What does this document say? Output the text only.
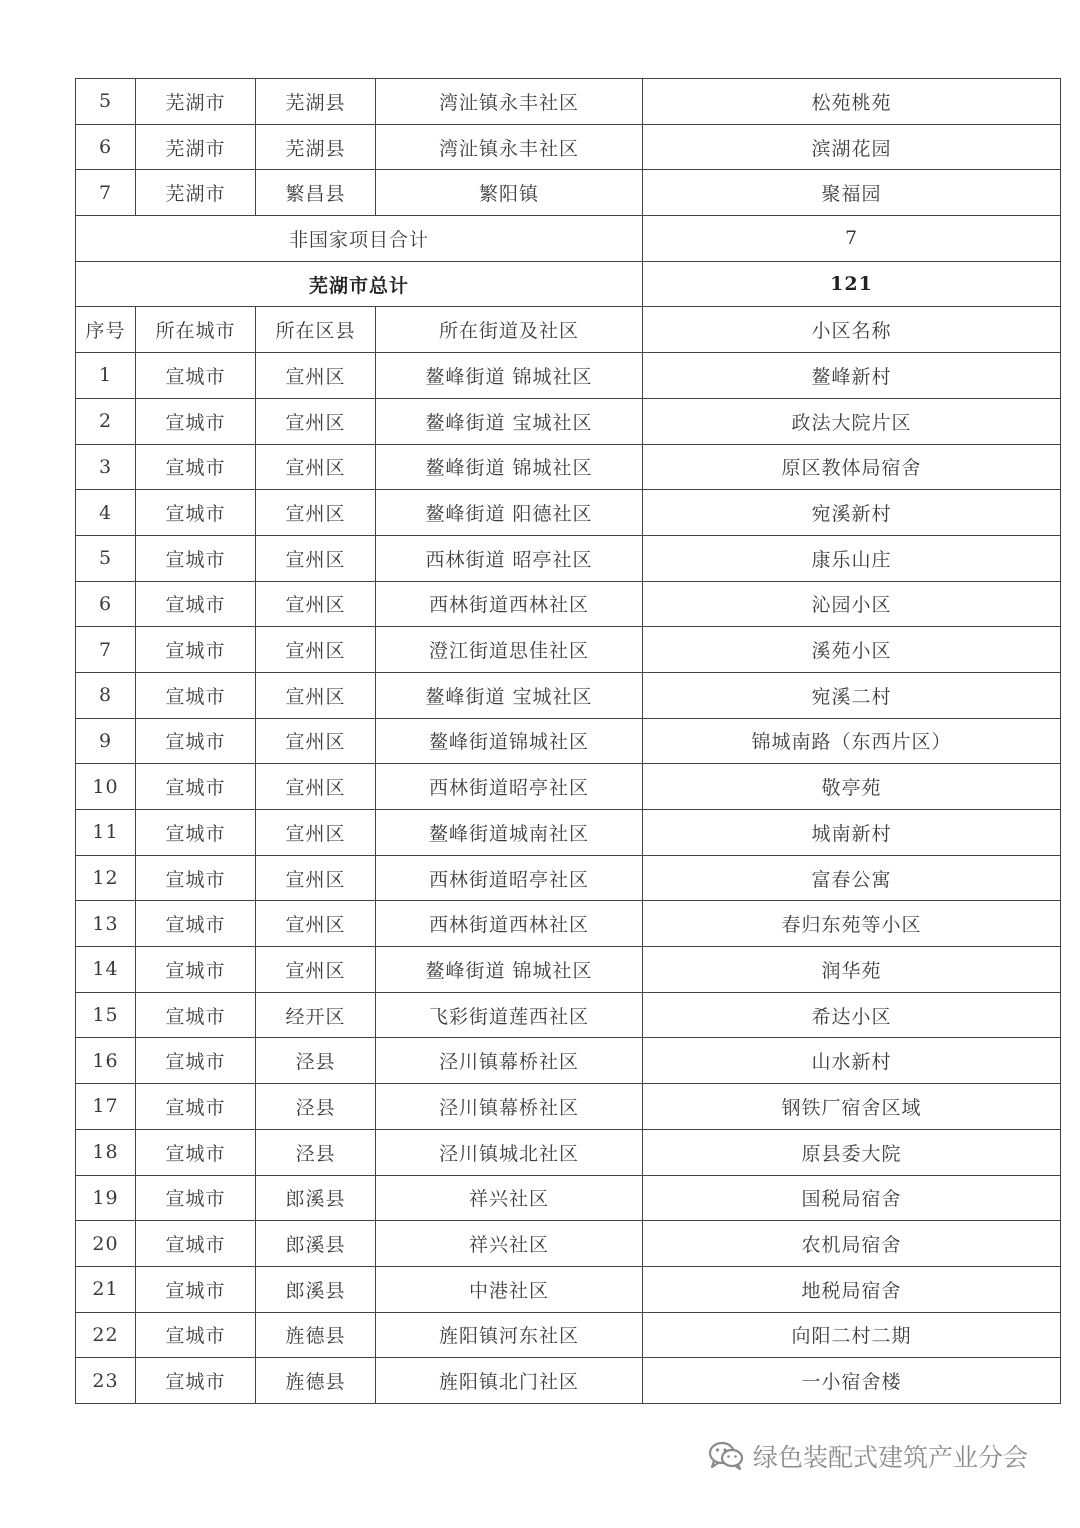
5	芜湖市	芜湖县	湾沚镇永丰社区	松苑桃苑
6	芜湖市	芜湖县	湾沚镇永丰社区	滨湖花园
7	芜湖市	繁昌县	繁阳镇	聚福园
非国家项目合计				7
芜湖市总计				121
序号	所在城市	所在区县	所在街道及社区	小区名称
1	宣城市	宣州区	鳌峰街道 锦城社区	鳌峰新村
2	宣城市	宣州区	鳌峰街道 宝城社区	政法大院片区
3	宣城市	宣州区	鳌峰街道 锦城社区	原区教体局宿舍
4	宣城市	宣州区	鳌峰街道 阳德社区	宛溪新村
5	宣城市	宣州区	西林街道 昭亭社区	康乐山庄
6	宣城市	宣州区	西林街道西林社区	沁园小区
7	宣城市	宣州区	澄江街道思佳社区	溪苑小区
8	宣城市	宣州区	鳌峰街道 宝城社区	宛溪二村
9	宣城市	宣州区	鳌峰街道锦城社区	锦城南路（东西片区）
10	宣城市	宣州区	西林街道昭亭社区	敬亭苑
11	宣城市	宣州区	鳌峰街道城南社区	城南新村
12	宣城市	宣州区	西林街道昭亭社区	富春公寓
13	宣城市	宣州区	西林街道西林社区	春归东苑等小区
14	宣城市	宣州区	鳌峰街道 锦城社区	润华苑
15	宣城市	经开区	飞彩街道莲西社区	希达小区
16	宣城市	泾县	泾川镇幕桥社区	山水新村
17	宣城市	泾县	泾川镇幕桥社区	钢铁厂宿舍区域
18	宣城市	泾县	泾川镇城北社区	原县委大院
19	宣城市	郎溪县	祥兴社区	国税局宿舍
20	宣城市	郎溪县	祥兴社区	农机局宿舍
21	宣城市	郎溪县	中港社区	地税局宿舍
22	宣城市	旌德县	旌阳镇河东社区	向阳二村二期
23	宣城市	旌德县	旌阳镇北门社区	一小宿舍楼
绿色装配式建筑产业分会
